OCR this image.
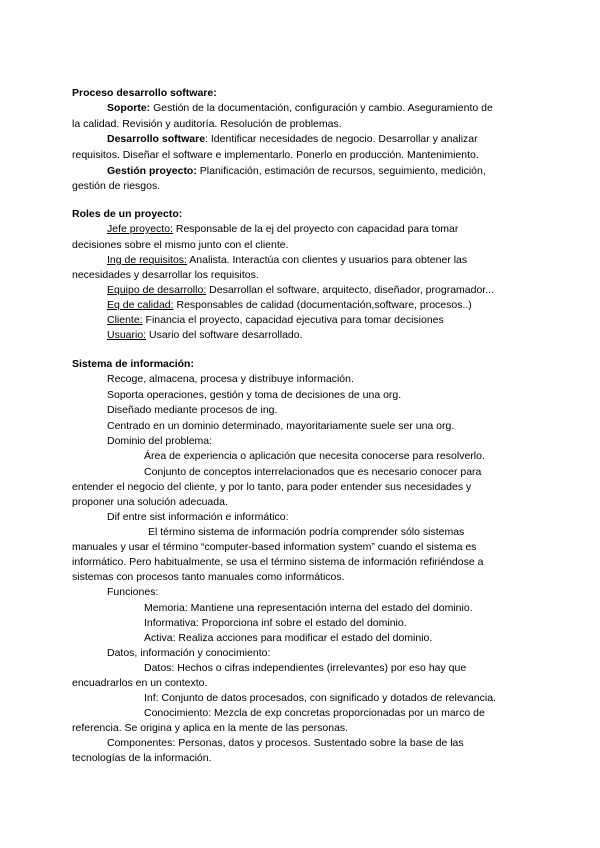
Proceso desarrollo software:
Soporte: Gestión de la documentación, configuración y cambio. Aseguramiento de
la calidad. Revisión y auditoría. Resolución de problemas.
Desarrollo software: Identificar necesidades de negocio. Desarrollar y analizar
requisitos. Diseñar el software e implementarlo. Ponerlo en producción. Mantenimiento.
Gestión proyecto: Planificación, estimación de recursos, seguimiento, medición,
gestión de riesgos.
Roles de un proyecto:
Jefe proyecto: Responsable de la ej del proyecto con capacidad para tomar
decisiones sobre el mismo junto con el cliente.
Ing de requisitos: Analista. Interactúa con clientes y usuarios para obtener las
necesidades y desarrollar los requisitos.
Equipo de desarrollo: Desarrollan el software, arquitecto, diseñador, programador...
Eq de calidad: Responsables de calidad (documentación,software, procesos..)
Cliente: Financia el proyecto, capacidad ejecutiva para tomar decisiones
Usuario: Usario del software desarrollado.
Sistema de información:
Recoge, almacena, procesa y distribuye información.
Soporta operaciones, gestión y toma de decisiones de una org.
Diseñado mediante procesos de ing.
Centrado en un dominio determinado, mayoritariamente suele ser una org.
Dominio del problema:
Área de experiencia o aplicación que necesita conocerse para resolverlo.
Conjunto de conceptos interrelacionados que es necesario conocer para
entender el negocio del cliente, y por lo tanto, para poder entender sus necesidades y
proponer una solución adecuada.
Dif entre sist información e informático:
El término sistema de información podría comprender sólo sistemas
manuales y usar el término “computer-based information system” cuando el sistema es
informático. Pero habitualmente, se usa el término sistema de información refiriéndose a
sistemas con procesos tanto manuales como informáticos.
Funciones:
Memoria: Mantiene una representación interna del estado del dominio.
Informativa: Proporciona inf sobre el estado del dominio.
Activa: Realiza acciones para modificar el estado del dominio.
Datos, información y conocimiento:
Datos: Hechos o cifras independientes (irrelevantes) por eso hay que
encuadrarlos en un contexto.
Inf: Conjunto de datos procesados, con significado y dotados de relevancia.
Conocimiento: Mezcla de exp concretas proporcionadas por un marco de
referencia. Se origina y aplica en la mente de las personas.
Componentes: Personas, datos y procesos. Sustentado sobre la base de las
tecnologías de la información.
